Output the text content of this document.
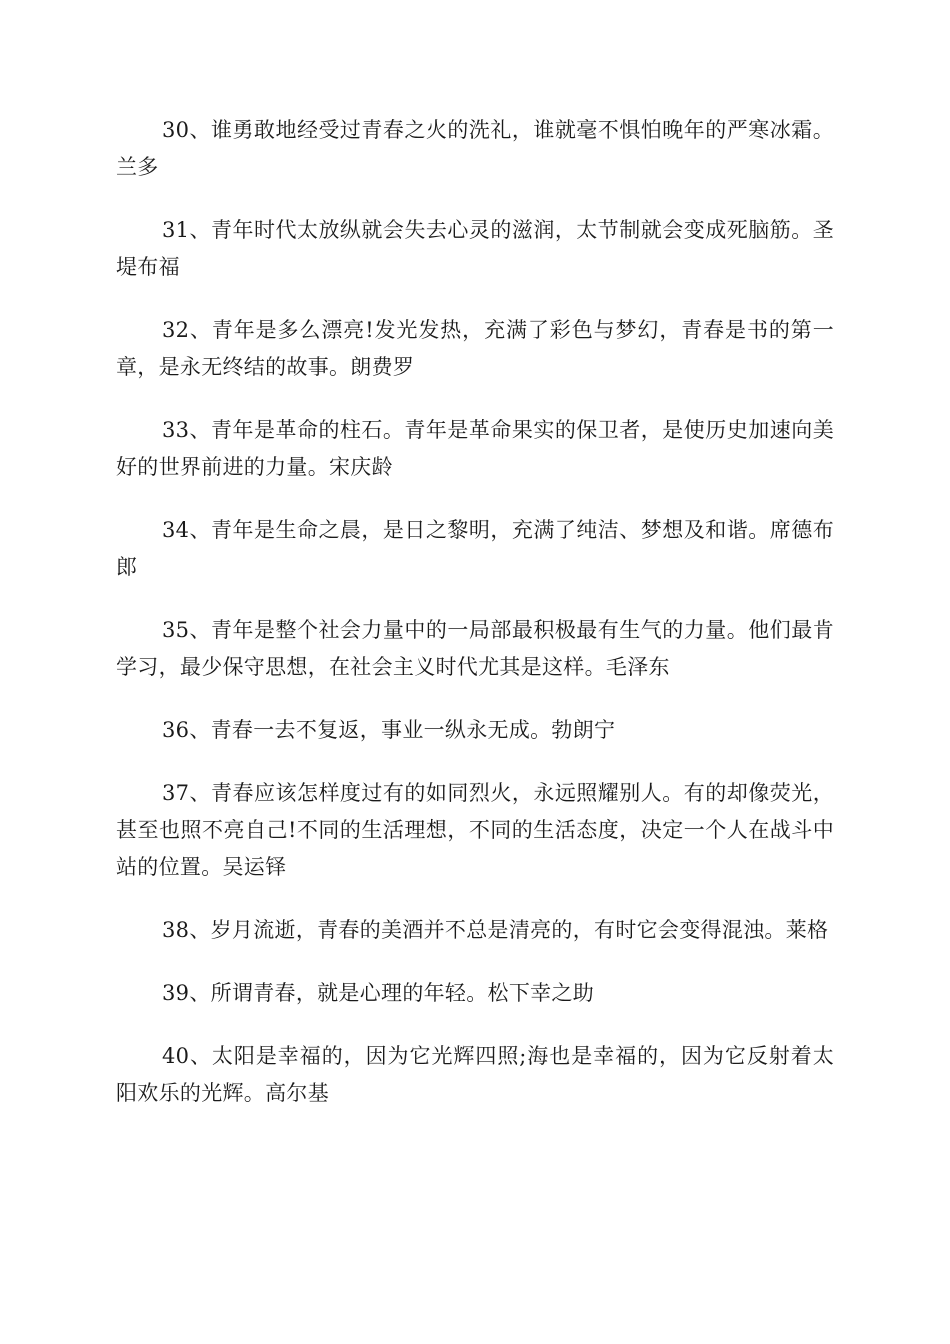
30、谁勇敢地经受过青春之火的洗礼，谁就毫不惧怕晚年的严寒冰霜。兰多

31、青年时代太放纵就会失去心灵的滋润，太节制就会变成死脑筋。圣堤布福

32、青年是多么漂亮!发光发热，充满了彩色与梦幻，青春是书的第一章，是永无终结的故事。朗费罗

33、青年是革命的柱石。青年是革命果实的保卫者，是使历史加速向美好的世界前进的力量。宋庆龄

34、青年是生命之晨，是日之黎明，充满了纯洁、梦想及和谐。席德布郎

35、青年是整个社会力量中的一局部最积极最有生气的力量。他们最肯学习，最少保守思想，在社会主义时代尤其是这样。毛泽东

36、青春一去不复返，事业一纵永无成。勃朗宁

37、青春应该怎样度过有的如同烈火，永远照耀别人。有的却像荧光，甚至也照不亮自己!不同的生活理想，不同的生活态度，决定一个人在战斗中站的位置。吴运铎

38、岁月流逝，青春的美酒并不总是清亮的，有时它会变得混浊。莱格

39、所谓青春，就是心理的年轻。松下幸之助

40、太阳是幸福的，因为它光辉四照;海也是幸福的，因为它反射着太阳欢乐的光辉。高尔基
